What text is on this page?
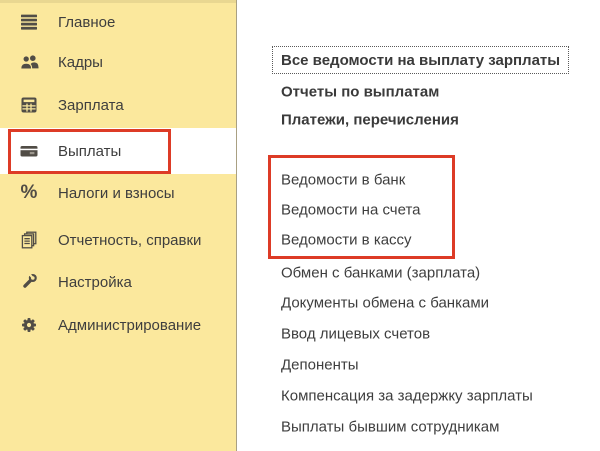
Главное
Кадры
Зарплата
Выплаты
% Налоги и взносы
Отчетность, справки
Настройка
Администрирование
Все ведомости на выплату зарплаты
Отчеты по выплатам
Платежи, перечисления
Ведомости в банк
Ведомости на счета
Ведомости в кассу
Обмен с банками (зарплата)
Документы обмена с банками
Ввод лицевых счетов
Депоненты
Компенсация за задержку зарплаты
Выплаты бывшим сотрудникам
